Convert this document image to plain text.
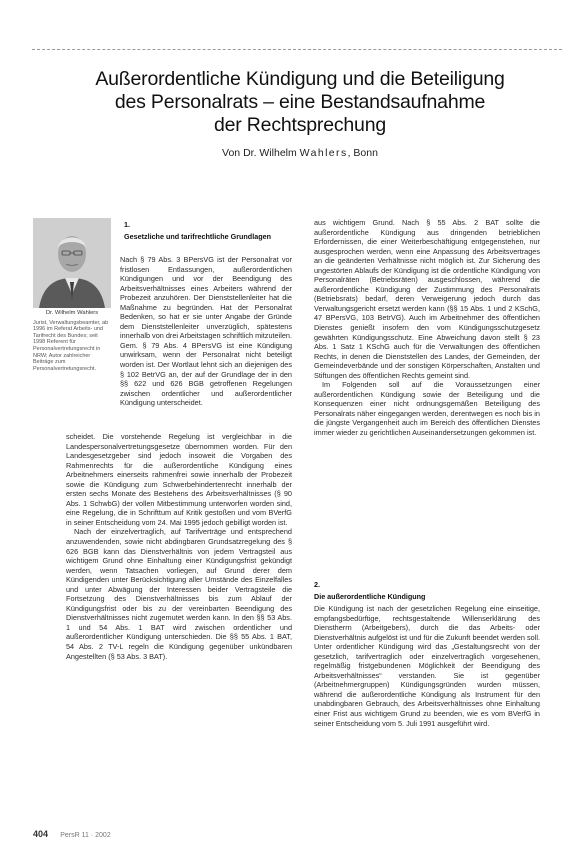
Außerordentliche Kündigung und die Beteiligung
des Personalrats – eine Bestandsaufnahme
der Rechtsprechung
Von Dr. Wilhelm Wahlers, Bonn
Dr. Wilhelm Wahlers
Jurist, Verwaltungsbeamter, ab 1996 im Referat Arbeits- und Tarifrecht des Bundes; seit 1998 Referent für Personalvertretungsrecht in NRW; Autor zahlreicher Beiträge zum Personalvertretungsrecht.
1.
Gesetzliche und tarifrechtliche Grundlagen

Nach § 79 Abs. 3 BPersVG ist der Personalrat vor fristlosen Entlassungen, außerordentlichen Kündigungen und vor der Beendigung des Arbeitsverhältnisses eines Arbeiters während der Probezeit anzuhören. Der Dienststellenleiter hat die Maßnahme zu begründen. Hat der Personalrat Bedenken, so hat er sie unter Angabe der Gründe dem Dienststellenleiter unverzüglich, spätestens innerhalb von drei Arbeitstagen schriftlich mitzuteilen. Gem. § 79 Abs. 4 BPersVG ist eine Kündigung unwirksam, wenn der Personalrat nicht beteiligt worden ist. Der Wortlaut lehnt sich an diejenigen des § 102 BetrVG an, der auf der Grundlage der in den §§ 622 und 626 BGB getroffenen Regelungen zwischen ordentlicher und außerordentlicher Kündigung unterscheidet.

scheidet. Die vorstehende Regelung ist vergleichbar in die Landespersonalvertretungsgesetze übernommen worden. Für den Landesgesetzgeber sind jedoch insoweit die Vorgaben des Rahmenrechts für die außerordentliche Kündigung eines Arbeitnehmers einerseits rahmenfrei sowie innerhalb der Probezeit sowie die Kündigung zum Schwerbehindertenrecht innerhalb der ersten sechs Monate des Bestehens des Arbeitsverhältnisses (§ 90 Abs. 1 SchwbG) der vollen Mitbestimmung unterworfen worden sind, eine Regelung, die in Schrifttum auf Kritik gestoßen und vom BVerfG in seiner Entscheidung vom 24. Mai 1995 jedoch gebilligt worden ist.

Nach der einzelvertraglich, auf Tarifverträge und entsprechend anzuwendenden, sowie nicht abdingbaren Grundsatzregelung des § 626 BGB kann das Dienstverhältnis von jedem Vertragsteil aus wichtigem Grund ohne Einhaltung einer Kündigungsfrist gekündigt werden, wenn Tatsachen vorliegen, auf Grund derer dem Kündigenden unter Berücksichtigung aller Umstände des Einzelfalles und unter Abwägung der Interessen beider Vertragsteile die Fortsetzung des Dienstverhältnisses bis zum Ablauf der Kündigungsfrist oder bis zu der vereinbarten Beendigung des Dienstverhältnisses nicht zugemutet werden kann. In den §§ 53 Abs. 1 und 54 Abs. 1 BAT wird zwischen ordentlicher und außerordentlicher Kündigung unterschieden. Die §§ 55 Abs. 1 BAT, 54 Abs. 2 TV-L regeln die Kündigung gegenüber unkündbaren Angestellten (§ 53 Abs. 3 BAT).

aus wichtigem Grund. Nach § 55 Abs. 2 BAT sollte die außerordentliche Kündigung aus dringenden betrieblichen Erfordernissen, die einer Weiterbeschäftigung entgegenstehen, nur ausgesprochen werden, wenn eine Anpassung des Arbeitsvertrages an die geänderten Verhältnisse nicht möglich ist. Zur Sicherung des ungestörten Ablaufs der Kündigung ist die ordentliche Kündigung von Personalräten (Betriebsräten) ausgeschlossen, während die außerordentliche Kündigung der Zustimmung des Personalrats (Betriebsrats) bedarf, deren Verweigerung jedoch durch das Verwaltungsgericht ersetzt werden kann (§§ 15 Abs. 1 und 2 KSchG, 47 BPersVG, 103 BetrVG). Auch im Arbeitnehmer des öffentlichen Dienstes genießt insofern den vom Kündigungsschutzgesetz gewährten Kündigungsschutz. Eine Abweichung davon stellt § 23 Abs. 1 Satz 1 KSchG auch für die Verwaltungen des öffentlichen Rechts, in denen die Dienststellen des Landes, der Gemeinden, der Gemeindeverbände und der sonstigen Körperschaften, Anstalten und Stiftungen des öffentlichen Rechts gemeint sind.

Im Folgenden soll auf die Voraussetzungen einer außerordentlichen Kündigung sowie der Beteiligung und die Konsequenzen einer nicht ordnungsgemäßen Beteiligung des Personalrats näher eingegangen werden, derentwegen es noch bis in die jüngste Vergangenheit auch im Bereich des öffentlichen Dienstes immer wieder zu gerichtlichen Auseinandersetzungen gekommen ist.

2.
Die außerordentliche Kündigung

Die Kündigung ist nach der gesetzlichen Regelung eine einseitige, empfangsbedürftige, rechtsgestaltende Willenserklärung des Dienstherrn (Arbeitgebers), durch die das Arbeits- oder Dienstverhältnis aufgelöst ist und für die Zukunft beendet werden soll. Unter ordentlicher Kündigung wird das „Gestaltungsrecht von der gesetzlich, tarifvertraglich oder einzelvertraglich vorgesehenen, regelmäßig fristgebundenen Möglichkeit der Beendigung des Arbeitsverhältnisses“ verstanden. Sie ist gegenüber (Arbeitnehmergruppen) Kündigungsgründen wurden müssen, während die außerordentliche Kündigung als Instrument für den unabdingbaren Gebrauch, des Arbeitsverhältnisses ohne Einhaltung einer Frist aus wichtigem Grund zu beenden, wie es vom BVerfG in seiner Entscheidung vom 5. Juli 1991 ausgeführt wird.

404 PersR 11 · 2002
